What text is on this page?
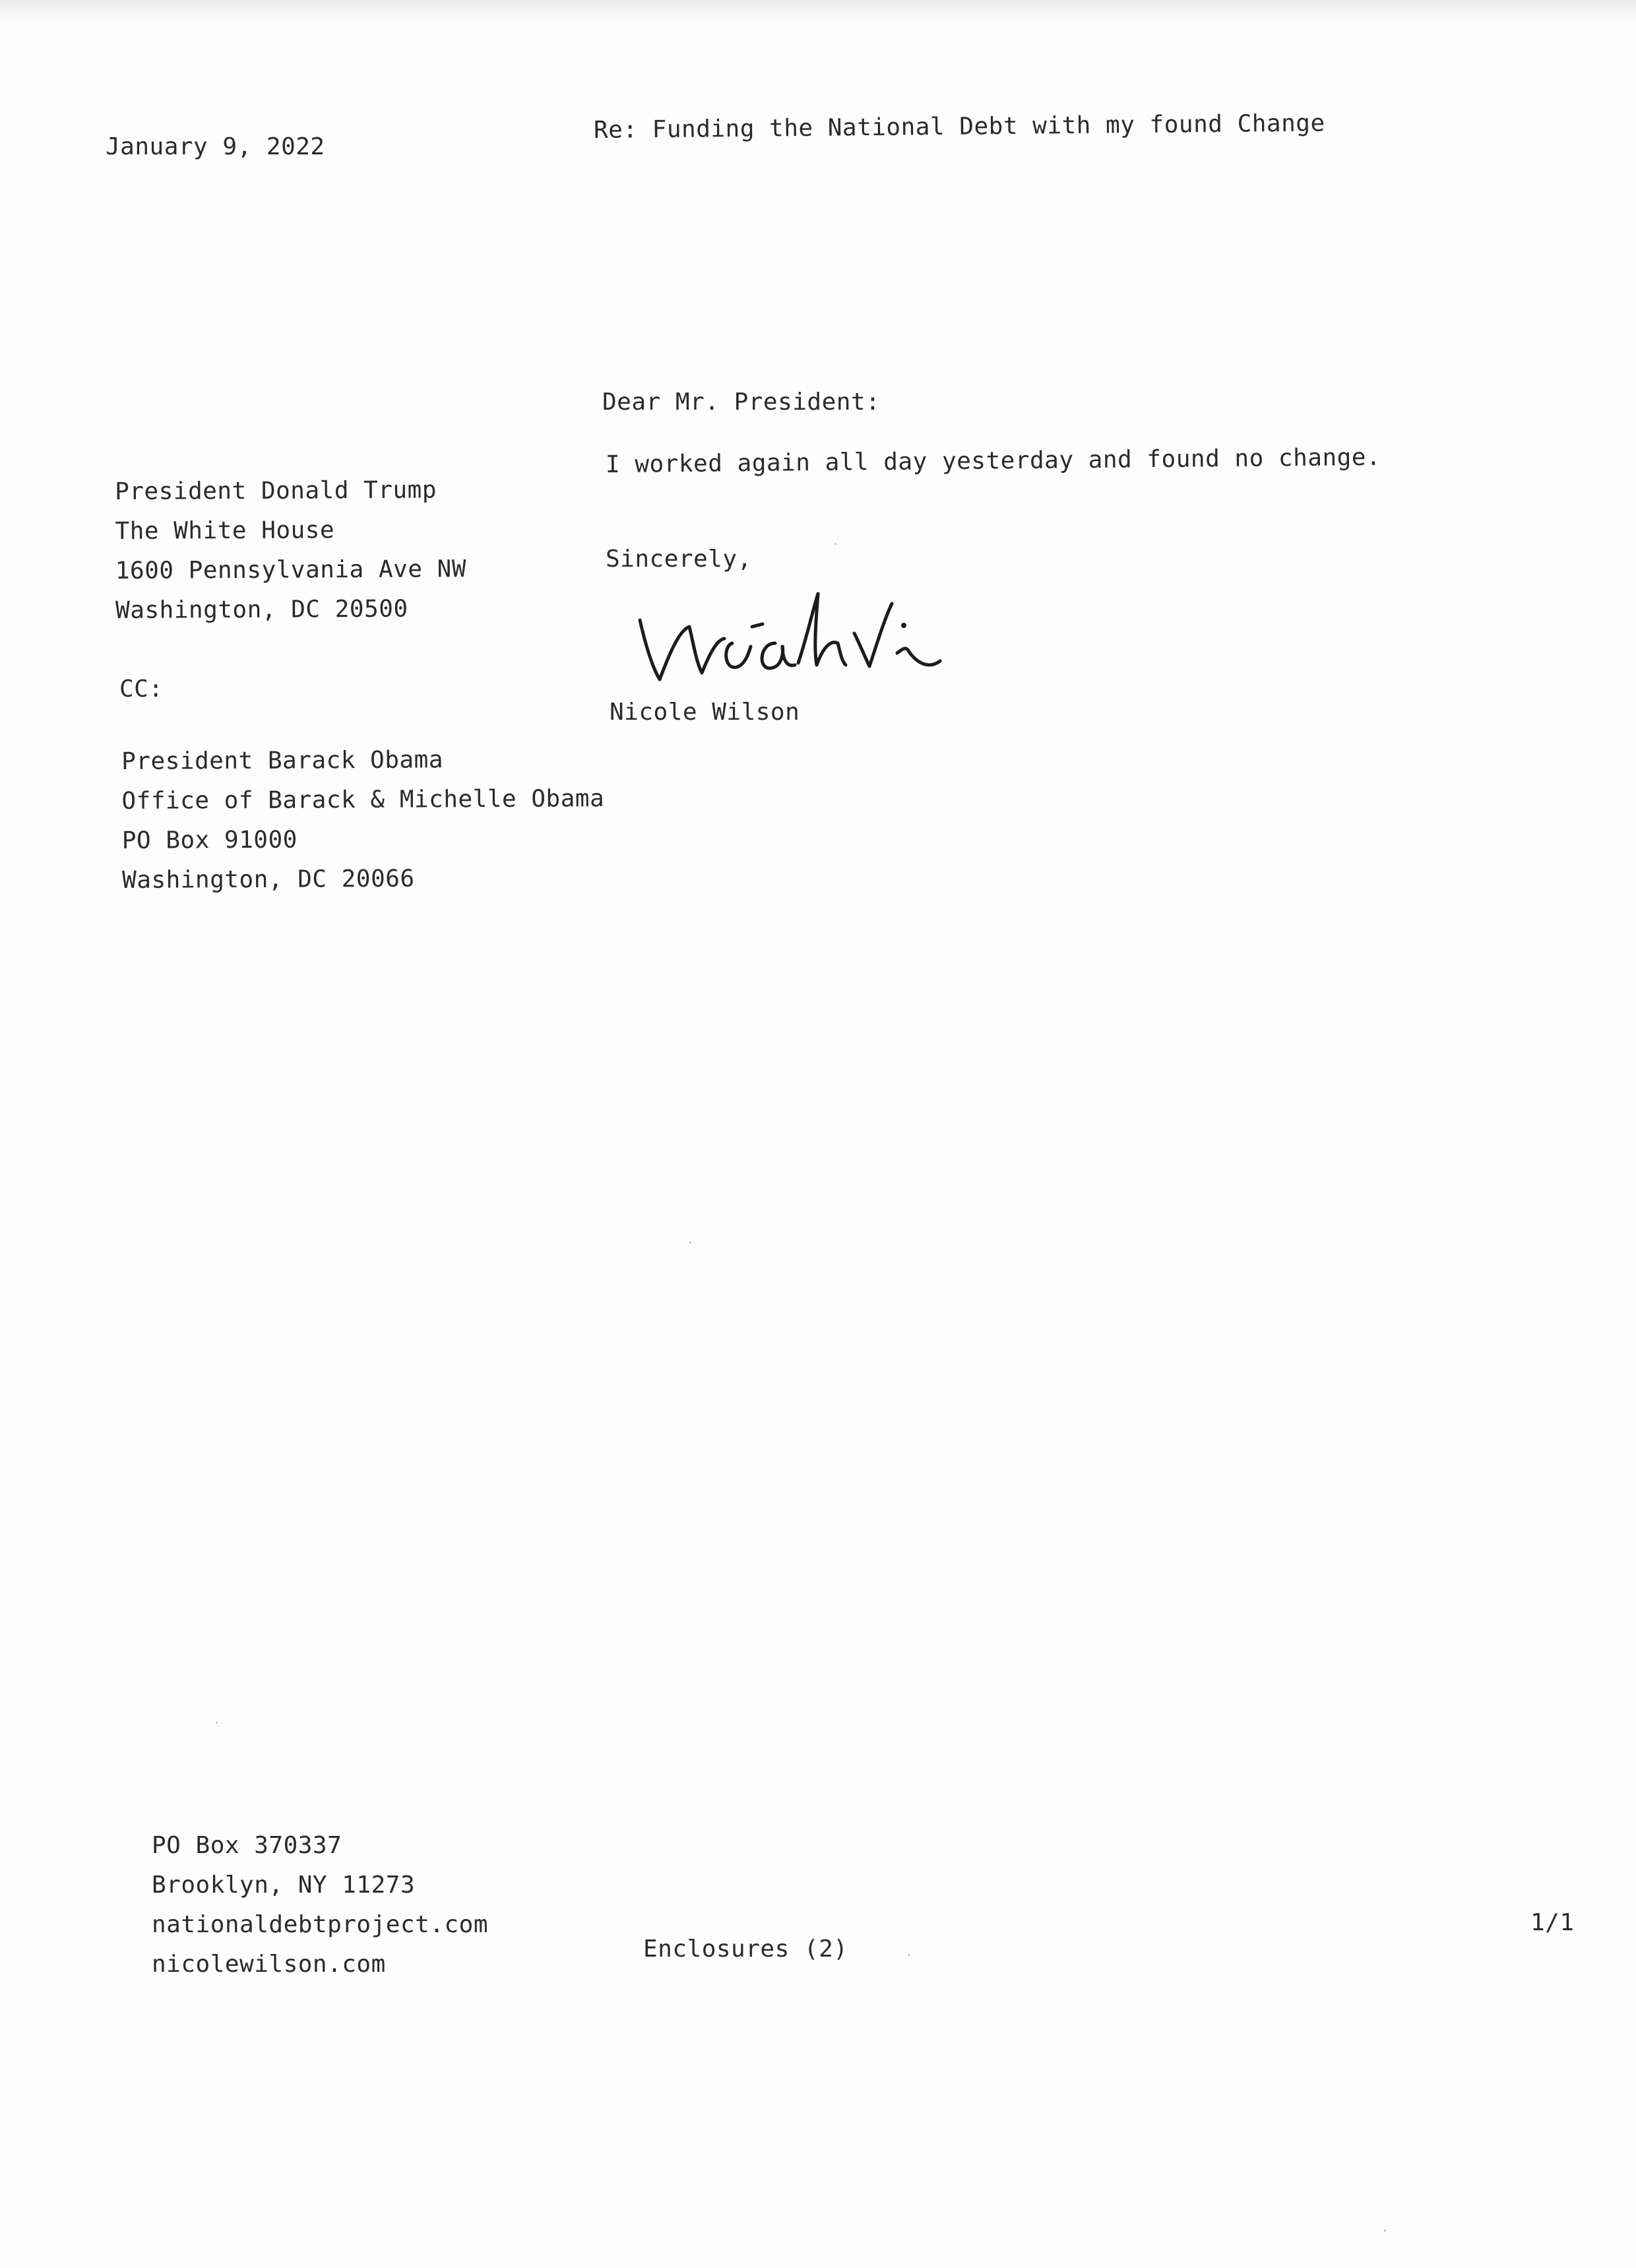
January 9, 2022
Re: Funding the National Debt with my found Change
Dear Mr. President:
President Donald Trump
The White House
1600 Pennsylvania Ave NW
Washington, DC 20500
I worked again all day yesterday and found no change.
Sincerely,
Nicole Wilson
CC:
President Barack Obama
Office of Barack & Michelle Obama
PO Box 91000
Washington, DC 20066
PO Box 370337
Brooklyn, NY 11273
nationaldebtproject.com
nicolewilson.com
Enclosures (2)
1/1
